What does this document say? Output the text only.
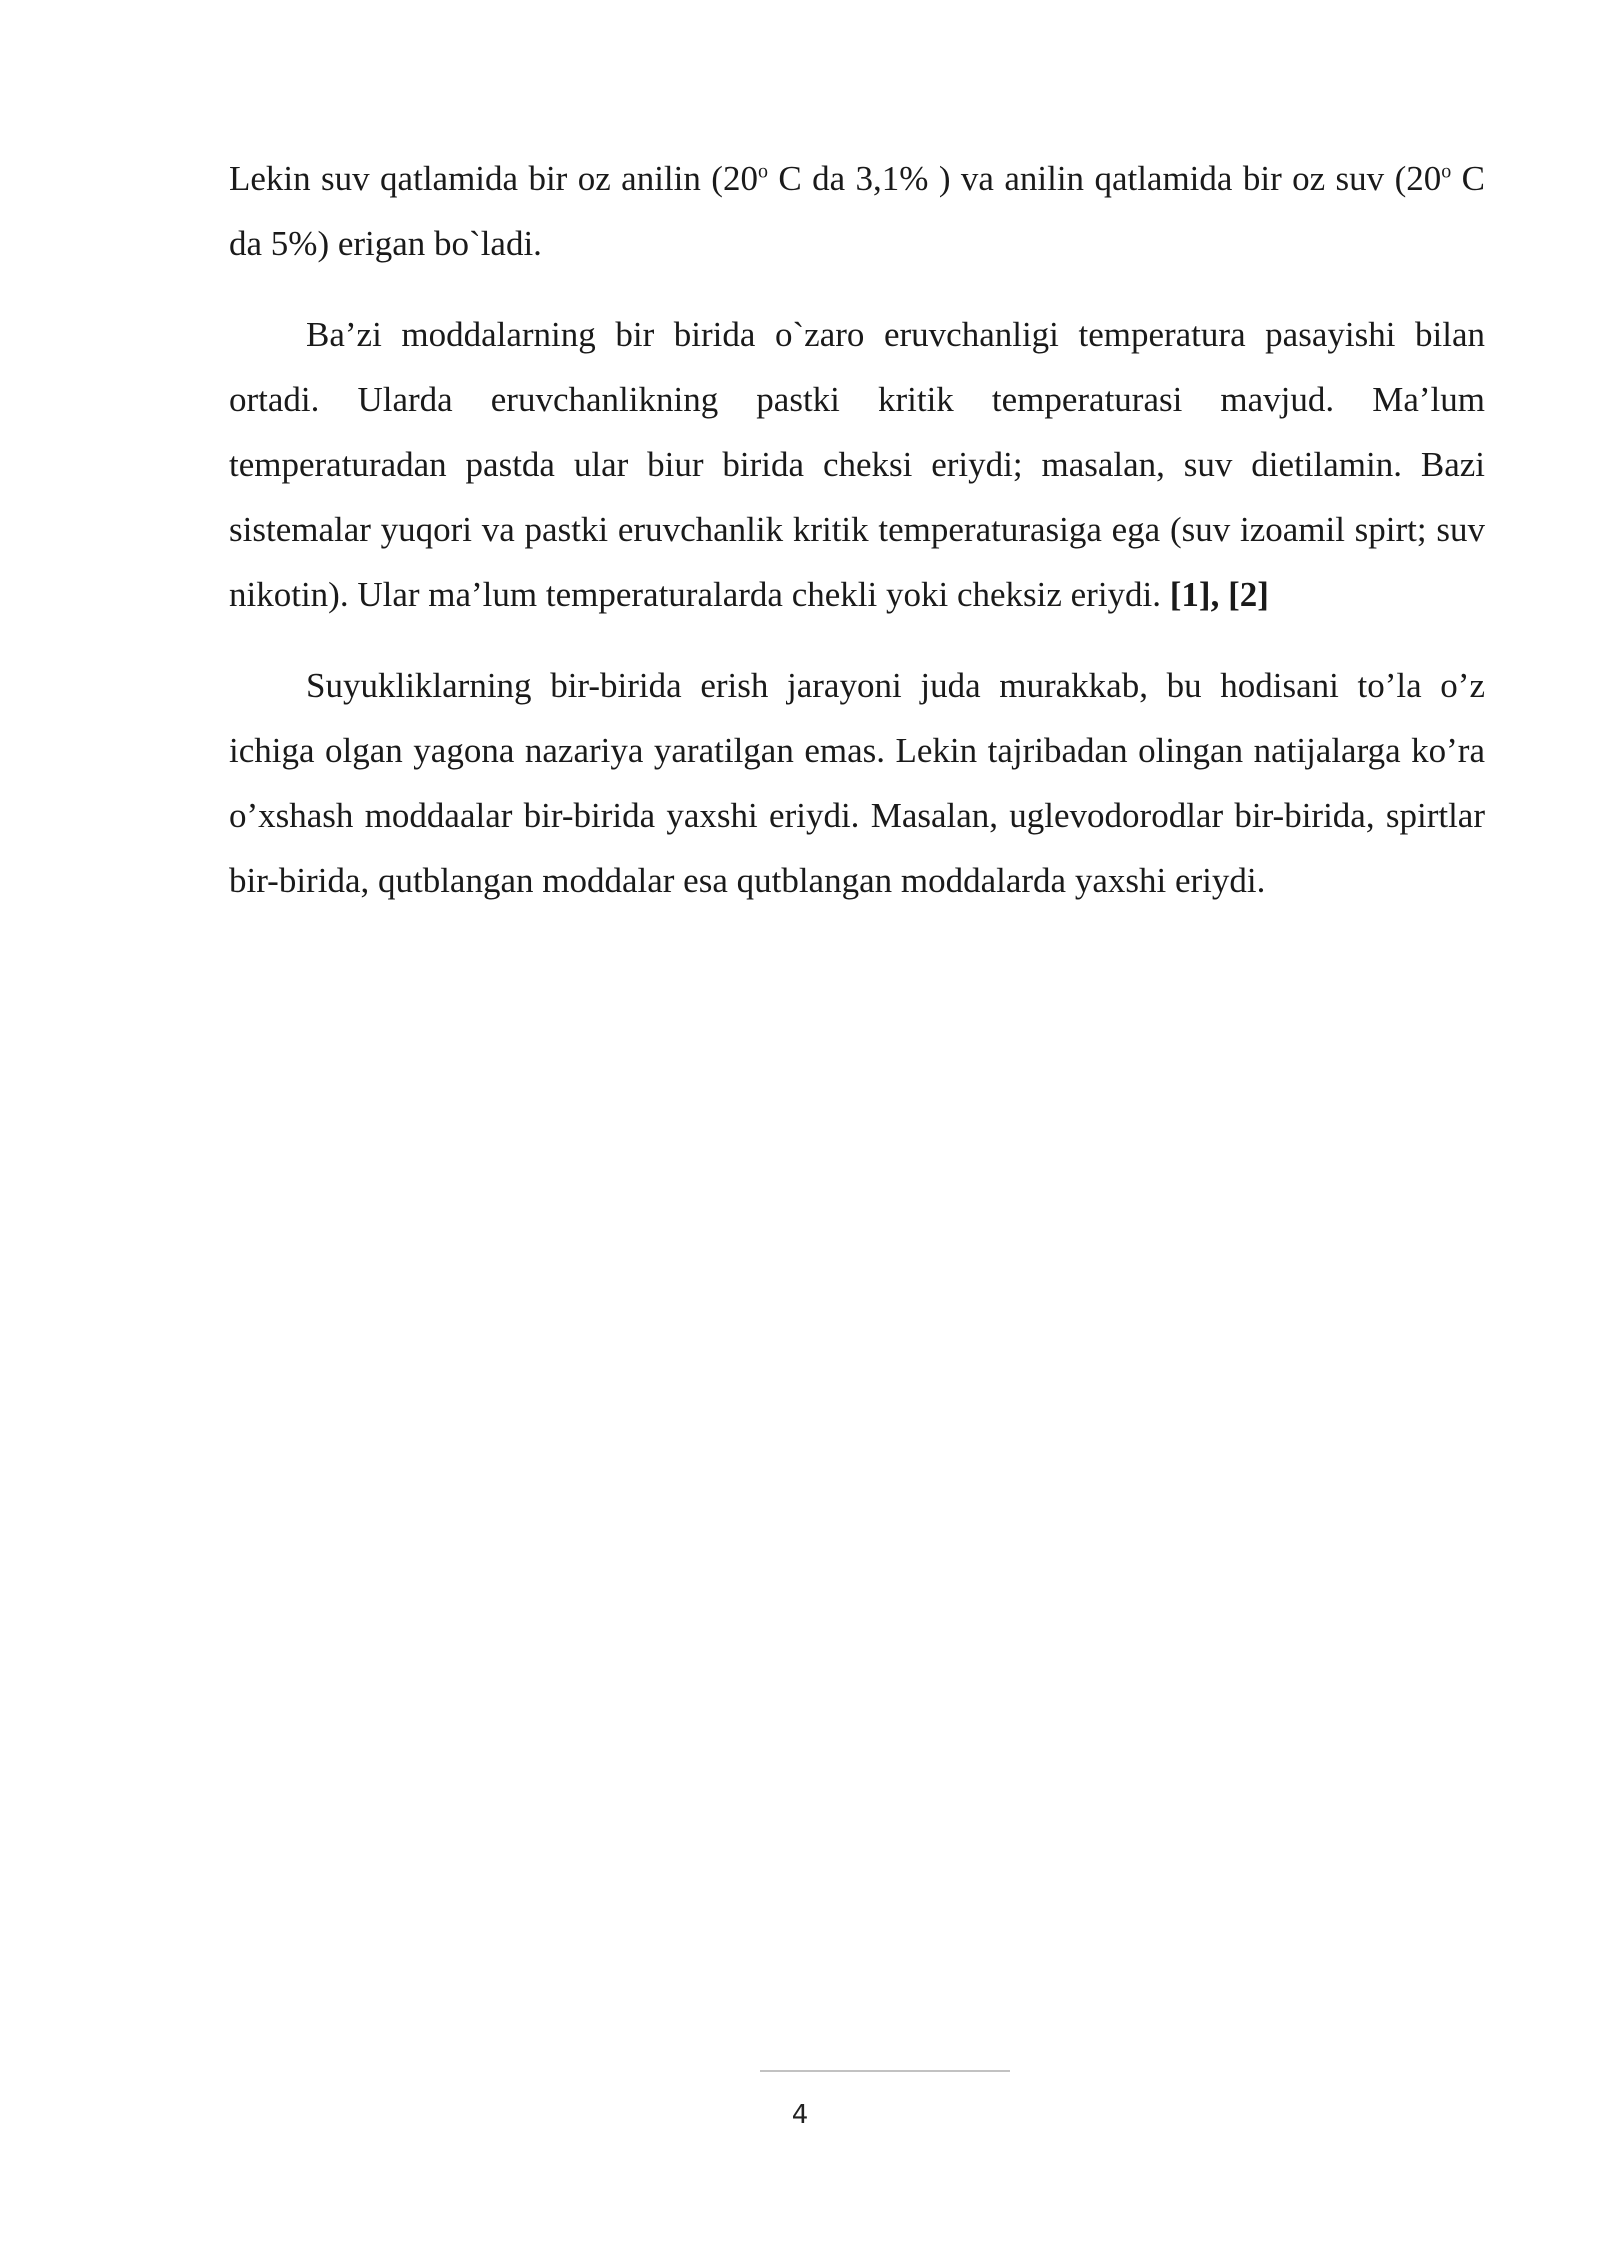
Lekin suv qatlamida bir oz anilin (20$^o$ C da 3,1% ) va anilin qatlamida bir oz suv (20$^o$ C da 5%) erigan bo`ladi.

Ba’zi moddalarning bir birida o`zaro eruvchanligi temperatura pasayishi bilan ortadi. Ularda eruvchanlikning pastki kritik temperaturasi mavjud. Ma’lum temperaturadan pastda ular biur birida cheksi eriydi; masalan, suv dietilamin. Bazi sistemalar yuqori va pastki eruvchanlik kritik temperaturasiga ega (suv izoamil spirt; suv nikotin). Ular ma’lum temperaturalarda chekli yoki cheksiz eriydi. [1], [2]

Suyukliklarning bir-birida erish jarayoni juda murakkab, bu hodisani to’la o’z ichiga olgan yagona nazariya yaratilgan emas. Lekin tajribadan olingan natijalarga ko’ra o’xshash moddaalar bir-birida yaxshi eriydi. Masalan, uglevodorodlar bir-birida, spirtlar bir-birida, qutblangan moddalar esa qutblangan moddalarda yaxshi eriydi.

4
